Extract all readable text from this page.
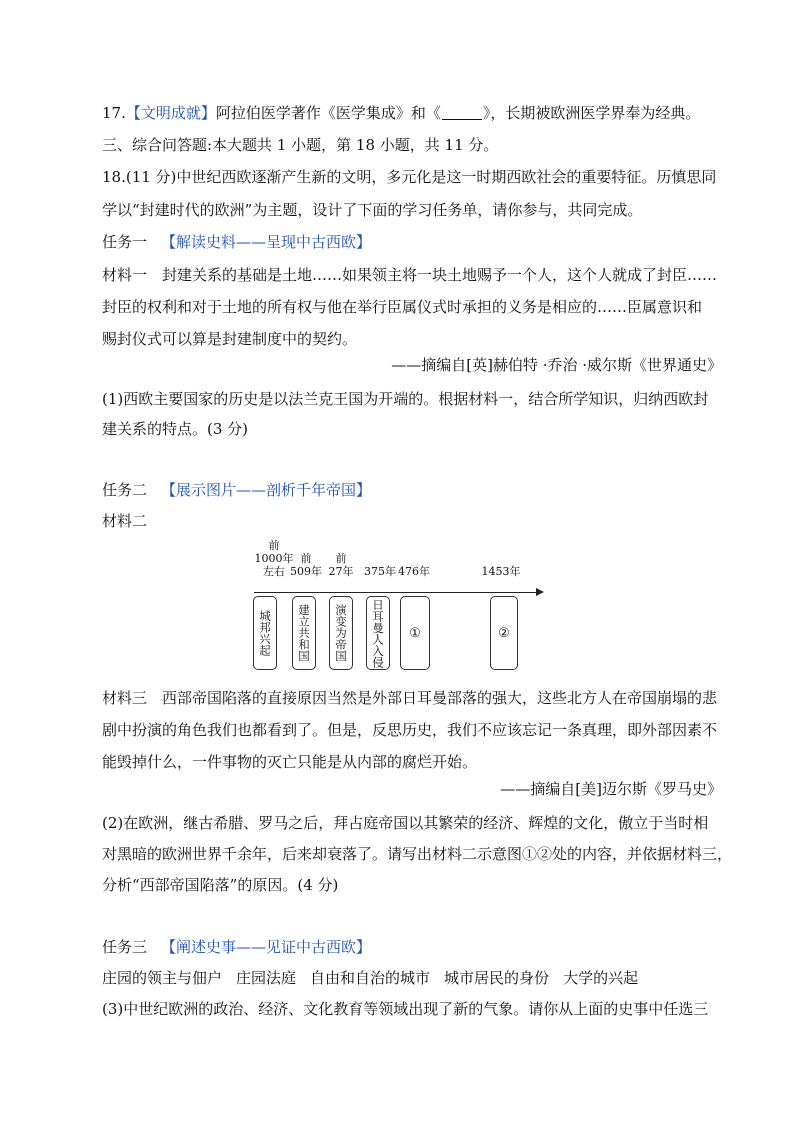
17.【文明成就】阿拉伯医学著作《医学集成》和《	》，长期被欧洲医学界奉为经典。
三、综合问答题:本大题共 1 小题，第 18 小题，共 11 分。
18.(11 分)中世纪西欧逐渐产生新的文明，多元化是这一时期西欧社会的重要特征。历慎思同
学以“封建时代的欧洲”为主题，设计了下面的学习任务单，请你参与，共同完成。
任务一 【解读史料——呈现中古西欧】
材料一　封建关系的基础是土地……如果领主将一块土地赐予一个人，这个人就成了封臣……
封臣的权利和对于土地的所有权与他在举行臣属仪式时承担的义务是相应的……臣属意识和
赐封仪式可以算是封建制度中的契约。
——摘编自[英]赫伯特 ·乔治 ·威尔斯《世界通史》
(1)西欧主要国家的历史是以法兰克王国为开端的。根据材料一，结合所学知识，归纳西欧封
建关系的特点。(3 分)
任务二 【展示图片——剖析千年帝国】
材料二
前
1000年
左右
前
509年
前
27年 375年 476年	1453年
城邦兴起 建立共和国 演变为帝国 日耳曼人入侵 ①	②
材料三　西部帝国陷落的直接原因当然是外部日耳曼部落的强大，这些北方人在帝国崩塌的悲
剧中扮演的角色我们也都看到了。但是，反思历史，我们不应该忘记一条真理，即外部因素不
能毁掉什么，一件事物的灭亡只能是从内部的腐烂开始。
——摘编自[美]迈尔斯《罗马史》
(2)在欧洲，继古希腊、罗马之后，拜占庭帝国以其繁荣的经济、辉煌的文化，傲立于当时相
对黑暗的欧洲世界千余年，后来却衰落了。请写出材料二示意图①②处的内容，并依据材料三，
分析“西部帝国陷落”的原因。(4 分)
任务三 【阐述史事——见证中古西欧】
庄园的领主与佃户 庄园法庭 自由和自治的城市 城市居民的身份 大学的兴起
(3)中世纪欧洲的政治、经济、文化教育等领域出现了新的气象。请你从上面的史事中任选三
